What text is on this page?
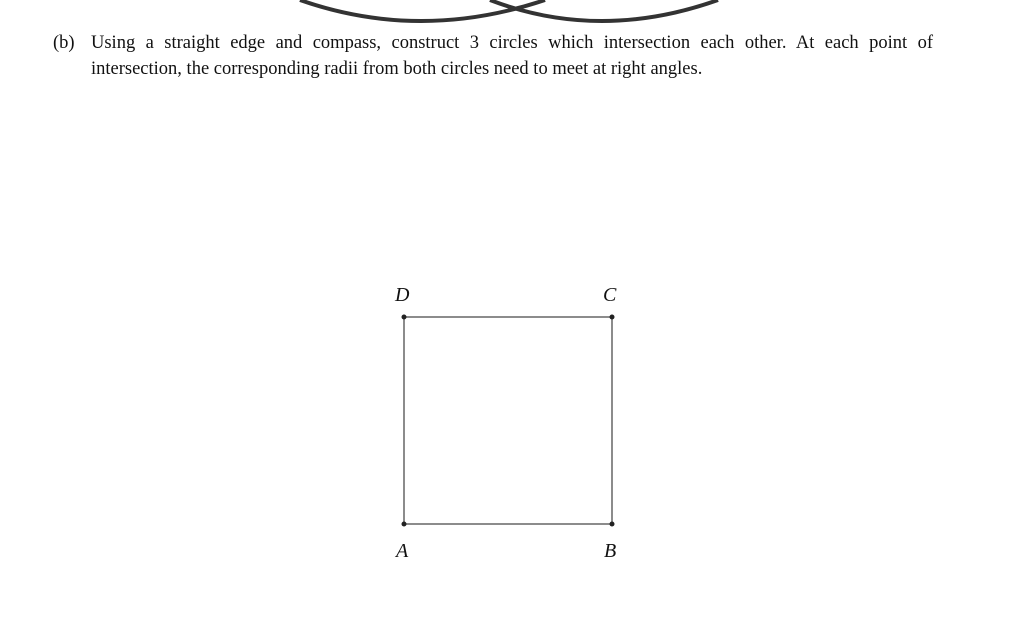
(b) Using a straight edge and compass, construct 3 circles which intersection each other. At each point of intersection, the corresponding radii from both circles need to meet at right angles.
D	C
A	B
